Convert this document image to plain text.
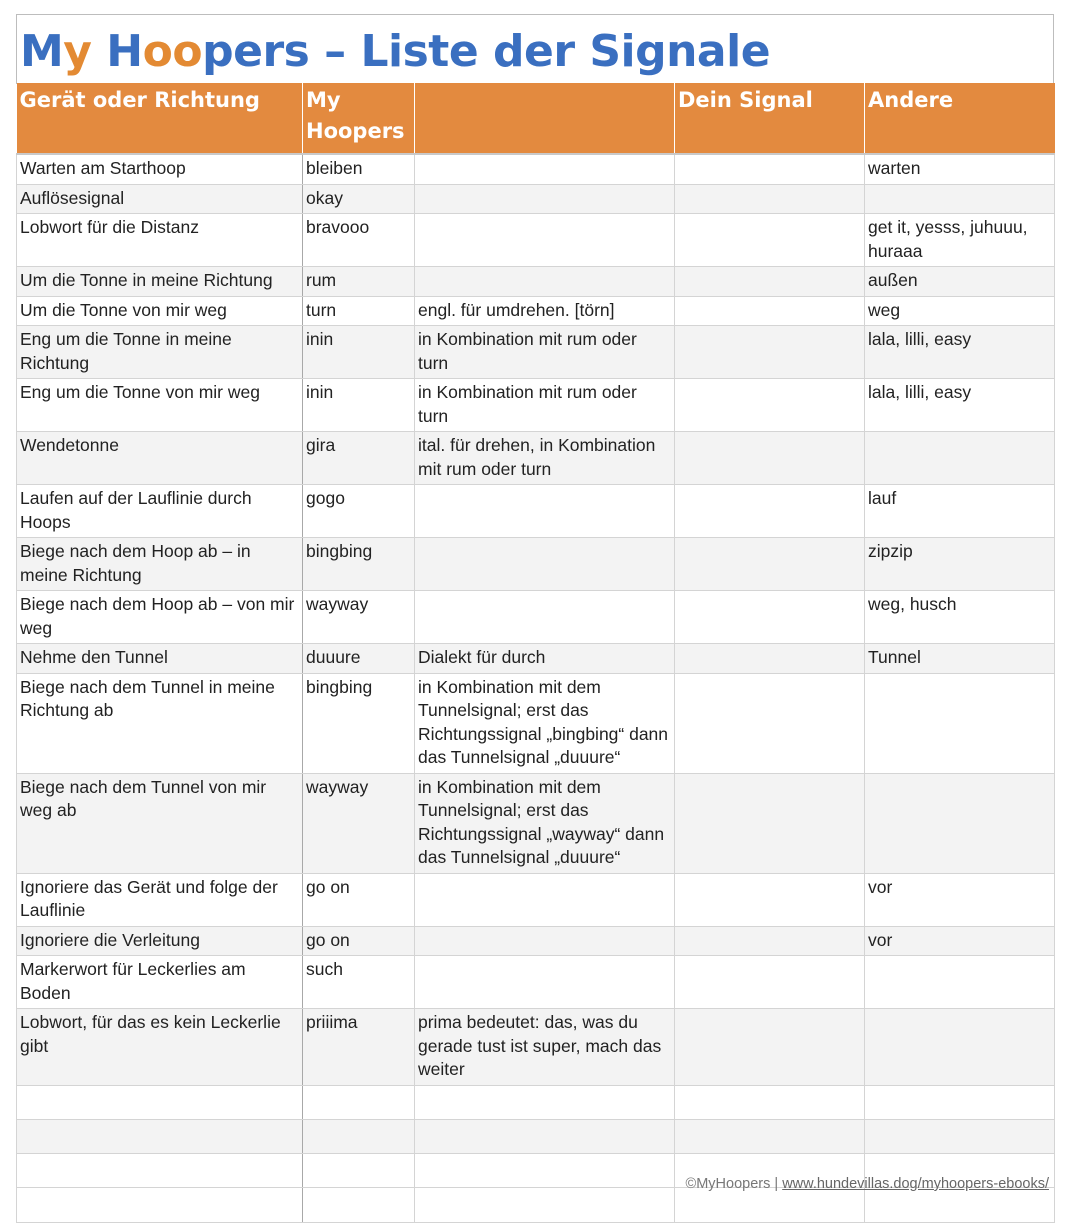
My Hoopers – Liste der Signale
Gerät oder Richtung	My Hoopers		Dein Signal	Andere
Warten am Starthoop	bleiben			warten
Auflösesignal	okay			
Lobwort für die Distanz	bravooo			get it, yesss, juhuuu, huraaa
Um die Tonne in meine Richtung	rum			außen
Um die Tonne von mir weg	turn	engl. für umdrehen. [törn]		weg
Eng um die Tonne in meine Richtung	inin	in Kombination mit rum oder turn		lala, lilli, easy
Eng um die Tonne von mir weg	inin	in Kombination mit rum oder turn		lala, lilli, easy
Wendetonne	gira	ital. für drehen, in Kombination mit rum oder turn		
Laufen auf der Lauflinie durch Hoops	gogo			lauf
Biege nach dem Hoop ab – in meine Richtung	bingbing			zipzip
Biege nach dem Hoop ab – von mir weg	wayway			weg, husch
Nehme den Tunnel	duuure	Dialekt für durch		Tunnel
Biege nach dem Tunnel in meine Richtung ab	bingbing	in Kombination mit dem Tunnelsignal; erst das Richtungssignal „bingbing“ dann das Tunnelsignal „duuure“		
Biege nach dem Tunnel von mir weg ab	wayway	in Kombination mit dem Tunnelsignal; erst das Richtungssignal „wayway“ dann das Tunnelsignal „duuure“		
Ignoriere das Gerät und folge der Lauflinie	go on			vor
Ignoriere die Verleitung	go on			vor
Markerwort für Leckerlies am Boden	such			
Lobwort, für das es kein Leckerlie gibt	priiima	prima bedeutet: das, was du gerade tust ist super, mach das weiter		

©MyHoopers | www.hundevillas.dog/myhoopers-ebooks/
